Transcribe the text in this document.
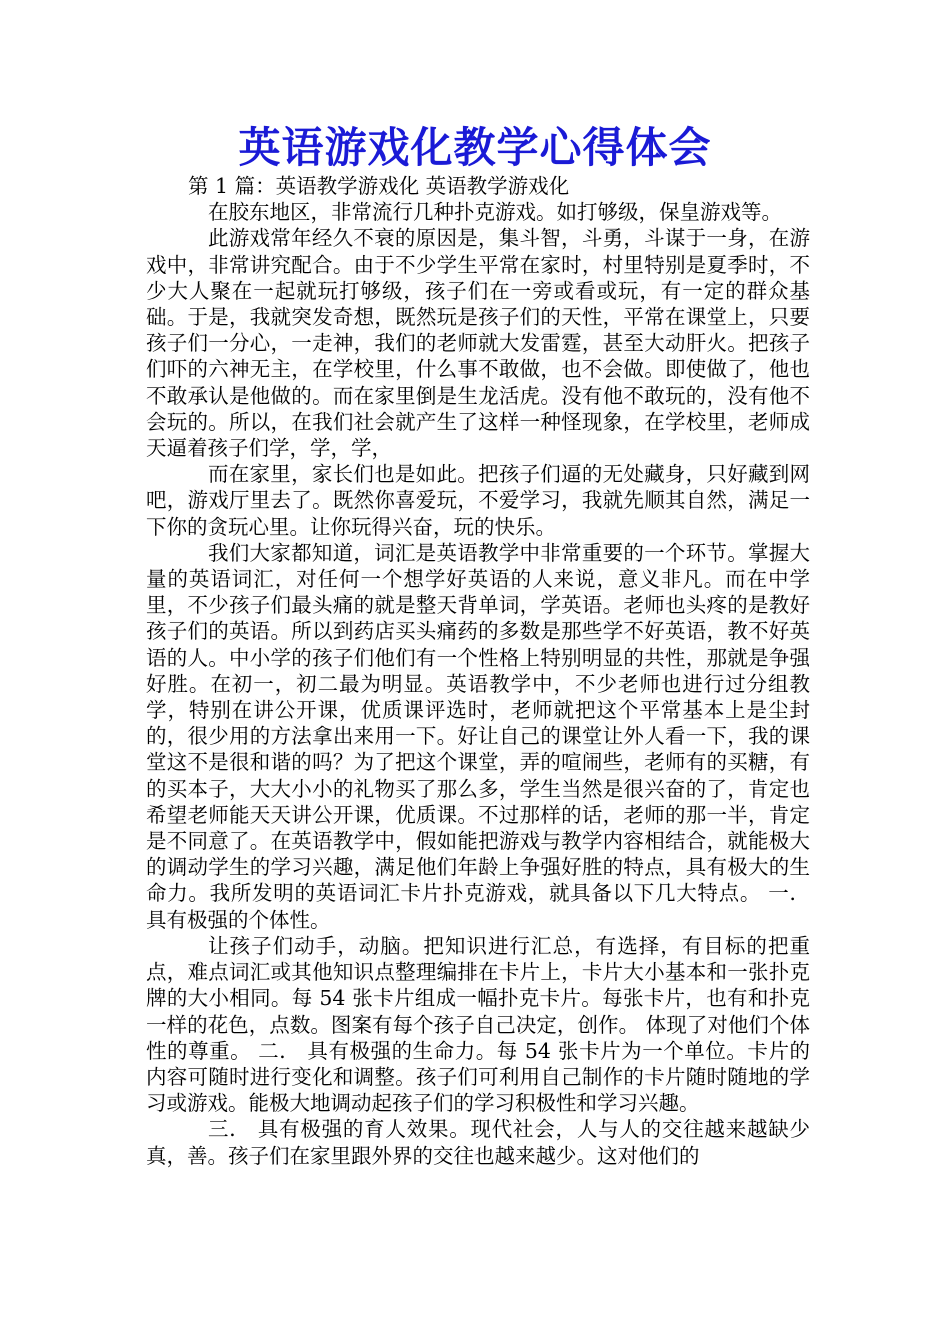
英语游戏化教学心得体会

第 1 篇：英语教学游戏化 英语教学游戏化

在胶东地区，非常流行几种扑克游戏。如打够级，保皇游戏等。

此游戏常年经久不衰的原因是，集斗智，斗勇，斗谋于一身，在游戏中，非常讲究配合。由于不少学生平常在家时，村里特别是夏季时，不少大人聚在一起就玩打够级，孩子们在一旁或看或玩，有一定的群众基础。于是，我就突发奇想，既然玩是孩子们的天性，平常在课堂上，只要孩子们一分心，一走神，我们的老师就大发雷霆，甚至大动肝火。把孩子们吓的六神无主，在学校里，什么事不敢做，也不会做。即使做了，他也不敢承认是他做的。而在家里倒是生龙活虎。没有他不敢玩的，没有他不会玩的。所以，在我们社会就产生了这样一种怪现象，在学校里，老师成天逼着孩子们学，学，学，

而在家里，家长们也是如此。把孩子们逼的无处藏身，只好藏到网吧，游戏厅里去了。既然你喜爱玩，不爱学习，我就先顺其自然，满足一下你的贪玩心里。让你玩得兴奋，玩的快乐。

我们大家都知道，词汇是英语教学中非常重要的一个环节。掌握大量的英语词汇，对任何一个想学好英语的人来说，意义非凡。而在中学里，不少孩子们最头痛的就是整天背单词，学英语。老师也头疼的是教好孩子们的英语。所以到药店买头痛药的多数是那些学不好英语，教不好英语的人。中小学的孩子们他们有一个性格上特别明显的共性，那就是争强好胜。在初一，初二最为明显。英语教学中，不少老师也进行过分组教学，特别在讲公开课，优质课评选时，老师就把这个平常基本上是尘封的，很少用的方法拿出来用一下。好让自己的课堂让外人看一下，我的课堂这不是很和谐的吗？为了把这个课堂，弄的喧闹些，老师有的买糖，有的买本子，大大小小的礼物买了那么多，学生当然是很兴奋的了，肯定也希望老师能天天讲公开课，优质课。不过那样的话，老师的那一半，肯定是不同意了。在英语教学中，假如能把游戏与教学内容相结合，就能极大的调动学生的学习兴趣，满足他们年龄上争强好胜的特点，具有极大的生命力。我所发明的英语词汇卡片扑克游戏，就具备以下几大特点。 一． 具有极强的个体性。

让孩子们动手，动脑。把知识进行汇总，有选择，有目标的把重点，难点词汇或其他知识点整理编排在卡片上，卡片大小基本和一张扑克牌的大小相同。每 54 张卡片组成一幅扑克卡片。每张卡片，也有和扑克一样的花色，点数。图案有每个孩子自己决定，创作。 体现了对他们个体性的尊重。 二． 具有极强的生命力。每 54 张卡片为一个单位。卡片的内容可随时进行变化和调整。孩子们可利用自己制作的卡片随时随地的学习或游戏。能极大地调动起孩子们的学习积极性和学习兴趣。

三． 具有极强的育人效果。现代社会，人与人的交往越来越缺少真，善。孩子们在家里跟外界的交往也越来越少。这对他们的
